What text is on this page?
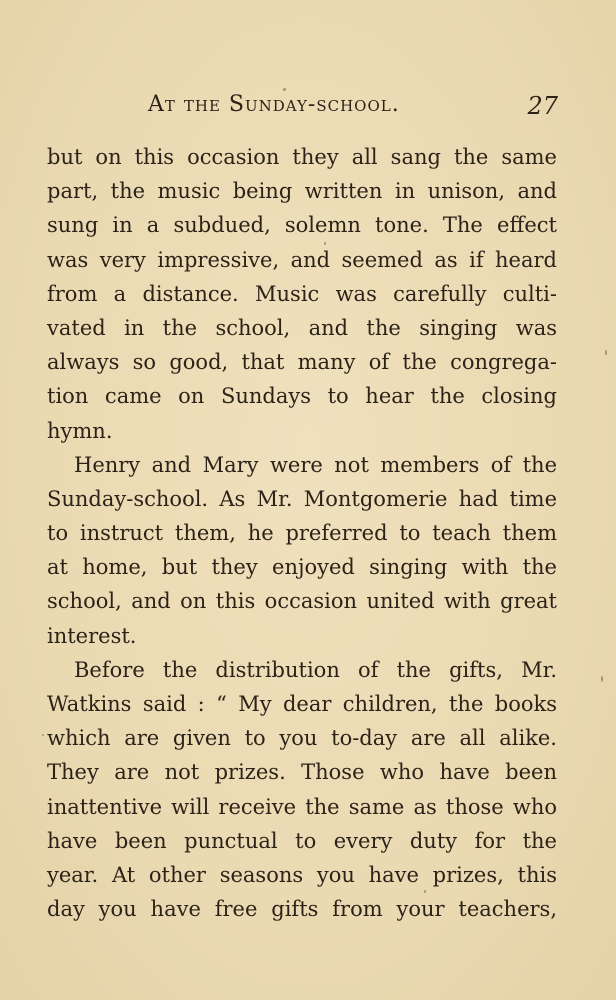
At the Sunday-school.	27
but on this occasion they all sang the same
part, the music being written in unison, and
sung in a subdued, solemn tone. The effect
was very impressive, and seemed as if heard
from a distance. Music was carefully culti-
vated in the school, and the singing was
always so good, that many of the congrega-
tion came on Sundays to hear the closing
hymn.
Henry and Mary were not members of the
Sunday-school. As Mr. Montgomerie had time
to instruct them, he preferred to teach them
at home, but they enjoyed singing with the
school, and on this occasion united with great
interest.
Before the distribution of the gifts, Mr.
Watkins said : “ My dear children, the books
which are given to you to-day are all alike.
They are not prizes. Those who have been
inattentive will receive the same as those who
have been punctual to every duty for the
year. At other seasons you have prizes, this
day you have free gifts from your teachers,
